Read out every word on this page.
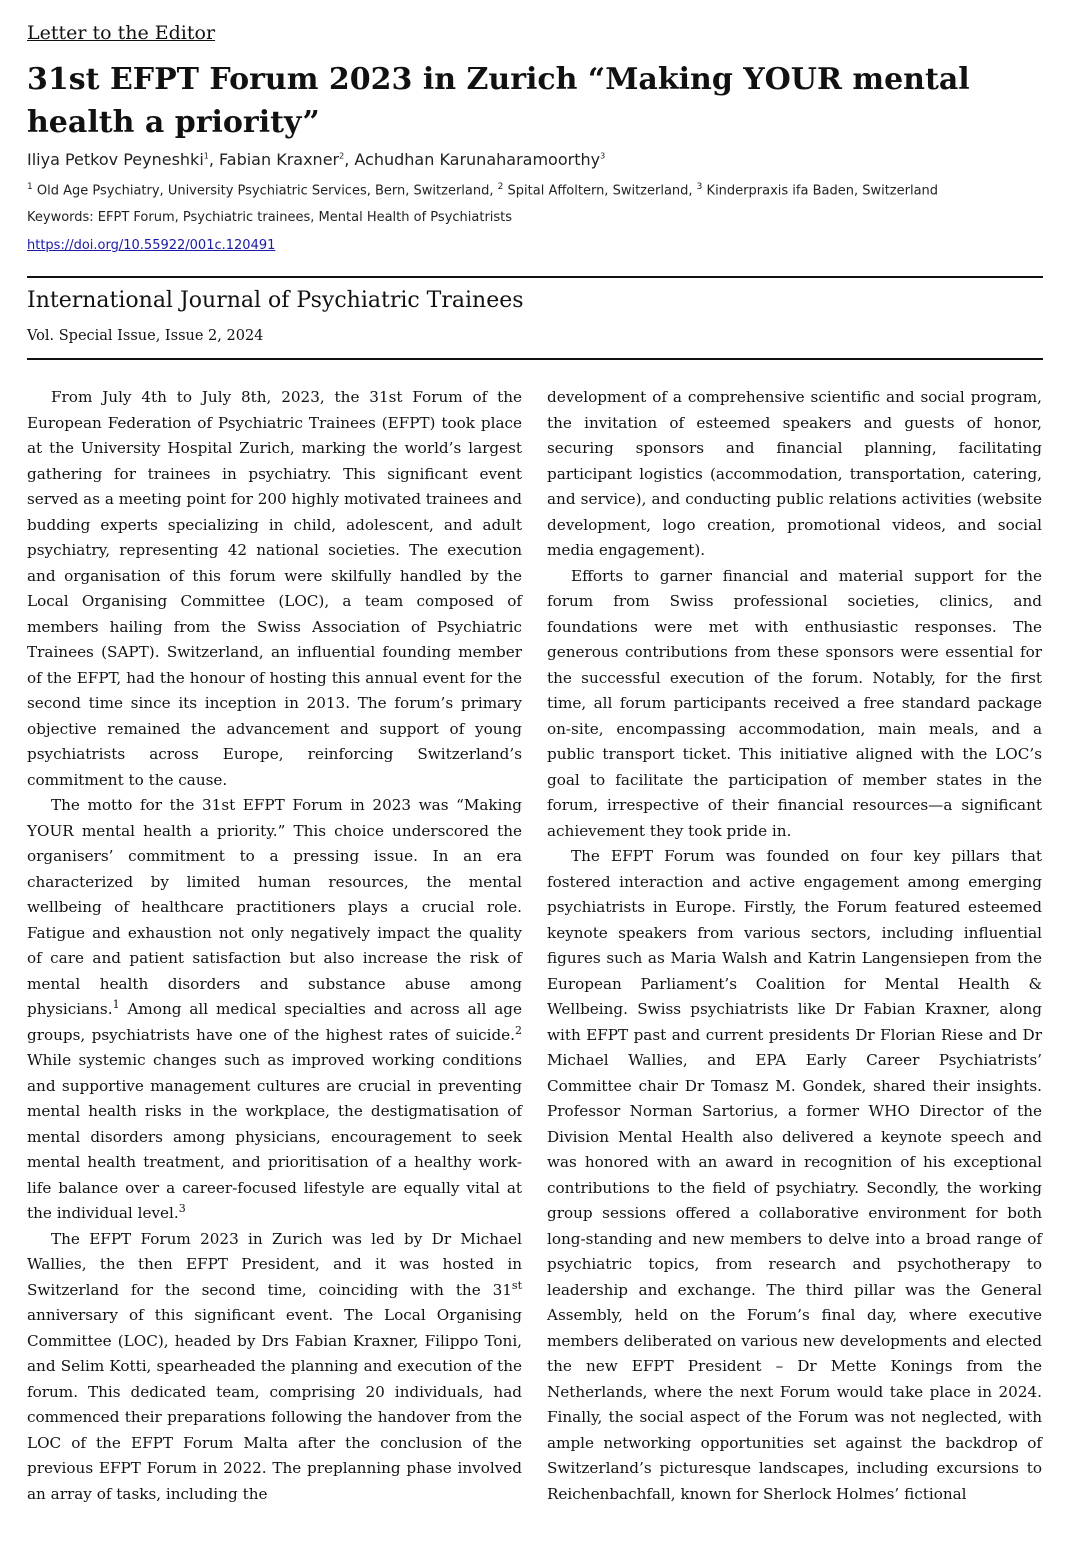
Letter to the Editor
31st EFPT Forum 2023 in Zurich “Making YOUR mental health a priority”
Iliya Petkov Peyneshki$^1$, Fabian Kraxner$^2$, Achudhan Karunaharamoorthy$^3$
$^1$ Old Age Psychiatry, University Psychiatric Services, Bern, Switzerland, $^2$ Spital Affoltern, Switzerland, $^3$ Kinderpraxis ifa Baden, Switzerland
Keywords: EFPT Forum, Psychiatric trainees, Mental Health of Psychiatrists
https://doi.org/10.55922/001c.120491
International Journal of Psychiatric Trainees
Vol. Special Issue, Issue 2, 2024

From July 4th to July 8th, 2023, the 31st Forum of the European Federation of Psychiatric Trainees (EFPT) took place at the University Hospital Zurich, marking the world’s largest gathering for trainees in psychiatry. This significant event served as a meeting point for 200 highly motivated trainees and budding experts specializing in child, adolescent, and adult psychiatry, representing 42 national societies. The execution and organisation of this forum were skilfully handled by the Local Organising Committee (LOC), a team composed of members hailing from the Swiss Association of Psychiatric Trainees (SAPT). Switzerland, an influential founding member of the EFPT, had the honour of hosting this annual event for the second time since its inception in 2013. The forum’s primary objective remained the advancement and support of young psychiatrists across Europe, reinforcing Switzerland’s commitment to the cause.

The motto for the 31st EFPT Forum in 2023 was “Making YOUR mental health a priority.” This choice underscored the organisers’ commitment to a pressing issue. In an era characterized by limited human resources, the mental wellbeing of healthcare practitioners plays a crucial role. Fatigue and exhaustion not only negatively impact the quality of care and patient satisfaction but also increase the risk of mental health disorders and substance abuse among physicians.$^1$ Among all medical specialties and across all age groups, psychiatrists have one of the highest rates of suicide.$^2$ While systemic changes such as improved working conditions and supportive management cultures are crucial in preventing mental health risks in the workplace, the destigmatisation of mental disorders among physicians, encouragement to seek mental health treatment, and prioritisation of a healthy work-life balance over a career-focused lifestyle are equally vital at the individual level.$^3$

The EFPT Forum 2023 in Zurich was led by Dr Michael Wallies, the then EFPT President, and it was hosted in Switzerland for the second time, coinciding with the 31st anniversary of this significant event. The Local Organising Committee (LOC), headed by Drs Fabian Kraxner, Filippo Toni, and Selim Kotti, spearheaded the planning and execution of the forum. This dedicated team, comprising 20 individuals, had commenced their preparations following the handover from the LOC of the EFPT Forum Malta after the conclusion of the previous EFPT Forum in 2022. The preplanning phase involved an array of tasks, including the

development of a comprehensive scientific and social program, the invitation of esteemed speakers and guests of honor, securing sponsors and financial planning, facilitating participant logistics (accommodation, transportation, catering, and service), and conducting public relations activities (website development, logo creation, promotional videos, and social media engagement).

Efforts to garner financial and material support for the forum from Swiss professional societies, clinics, and foundations were met with enthusiastic responses. The generous contributions from these sponsors were essential for the successful execution of the forum. Notably, for the first time, all forum participants received a free standard package on-site, encompassing accommodation, main meals, and a public transport ticket. This initiative aligned with the LOC’s goal to facilitate the participation of member states in the forum, irrespective of their financial resources—a significant achievement they took pride in.

The EFPT Forum was founded on four key pillars that fostered interaction and active engagement among emerging psychiatrists in Europe. Firstly, the Forum featured esteemed keynote speakers from various sectors, including influential figures such as Maria Walsh and Katrin Langensiepen from the European Parliament’s Coalition for Mental Health & Wellbeing. Swiss psychiatrists like Dr Fabian Kraxner, along with EFPT past and current presidents Dr Florian Riese and Dr Michael Wallies, and EPA Early Career Psychiatrists’ Committee chair Dr Tomasz M. Gondek, shared their insights. Professor Norman Sartorius, a former WHO Director of the Division Mental Health also delivered a keynote speech and was honored with an award in recognition of his exceptional contributions to the field of psychiatry. Secondly, the working group sessions offered a collaborative environment for both long-standing and new members to delve into a broad range of psychiatric topics, from research and psychotherapy to leadership and exchange. The third pillar was the General Assembly, held on the Forum’s final day, where executive members deliberated on various new developments and elected the new EFPT President – Dr Mette Konings from the Netherlands, where the next Forum would take place in 2024. Finally, the social aspect of the Forum was not neglected, with ample networking opportunities set against the backdrop of Switzerland’s picturesque landscapes, including excursions to Reichenbachfall, known for Sherlock Holmes’ fictional
